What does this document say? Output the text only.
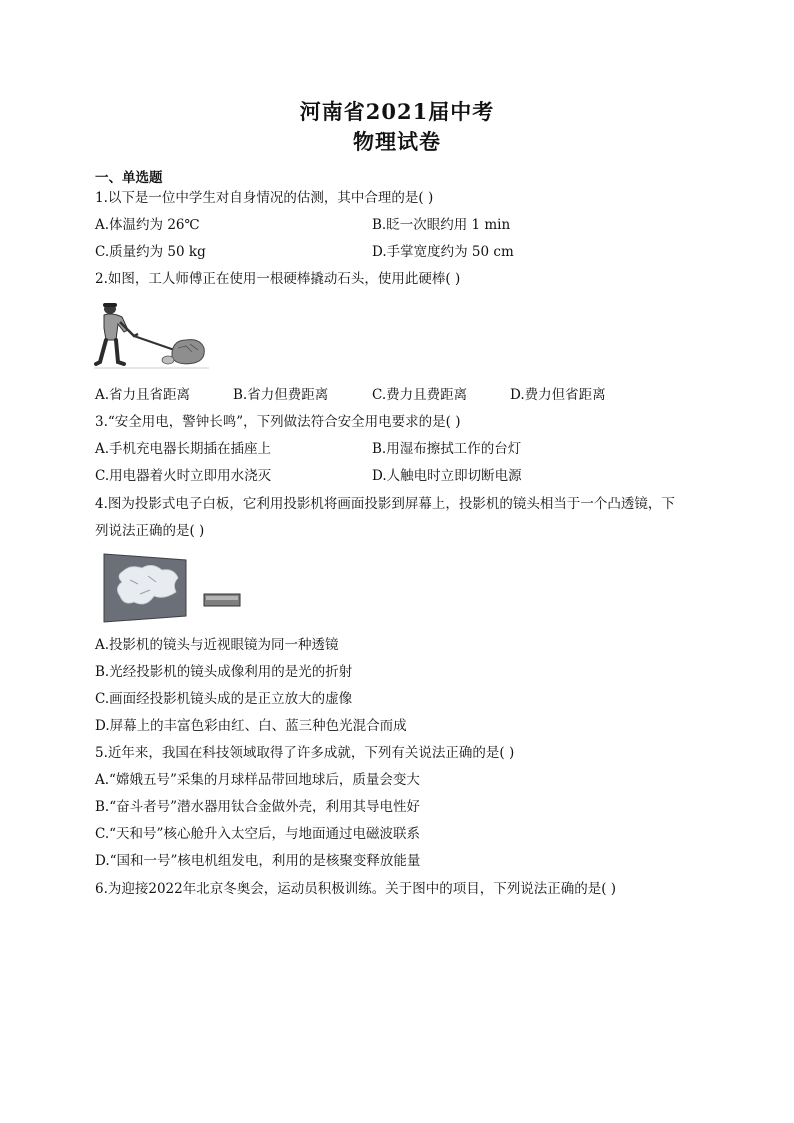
河南省2021届中考
物理试卷
一、单选题
1.以下是一位中学生对自身情况的估测，其中合理的是( )
A.体温约为 26℃	B.眨一次眼约用 1 min
C.质量约为 50 kg	D.手掌宽度约为 50 cm
2.如图，工人师傅正在使用一根硬棒撬动石头，使用此硬棒( )
A.省力且省距离	B.省力但费距离	C.费力且费距离	D.费力但省距离
3.“安全用电，警钟长鸣”，下列做法符合安全用电要求的是( )
A.手机充电器长期插在插座上	B.用湿布擦拭工作的台灯
C.用电器着火时立即用水浇灭	D.人触电时立即切断电源
4.图为投影式电子白板，它利用投影机将画面投影到屏幕上，投影机的镜头相当于一个凸透镜，下
列说法正确的是( )
A.投影机的镜头与近视眼镜为同一种透镜
B.光经投影机的镜头成像利用的是光的折射
C.画面经投影机镜头成的是正立放大的虚像
D.屏幕上的丰富色彩由红、白、蓝三种色光混合而成
5.近年来，我国在科技领域取得了许多成就，下列有关说法正确的是( )
A.“嫦娥五号”采集的月球样品带回地球后，质量会变大
B.“奋斗者号”潜水器用钛合金做外壳，利用其导电性好
C.“天和号”核心舱升入太空后，与地面通过电磁波联系
D.“国和一号”核电机组发电，利用的是核聚变释放能量
6.为迎接2022年北京冬奥会，运动员积极训练。关于图中的项目，下列说法正确的是( )
